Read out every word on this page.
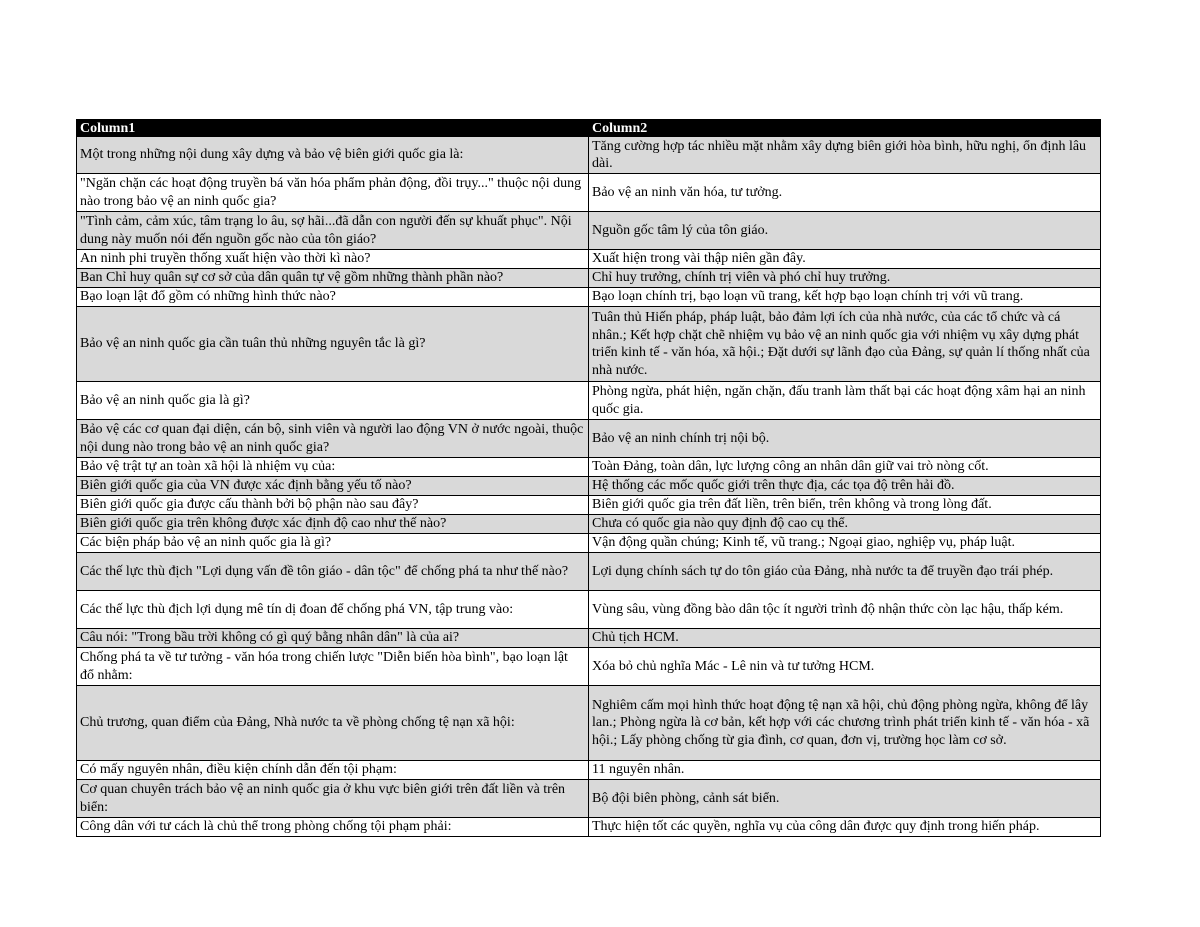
Column1	Column2
Một trong những nội dung xây dựng và bảo vệ biên giới quốc gia là:	Tăng cường hợp tác nhiều mặt nhằm xây dựng biên giới hòa bình, hữu nghị, ổn định lâu dài.
"Ngăn chặn các hoạt động truyền bá văn hóa phẩm phản động, đồi trụy..." thuộc nội dung nào trong bảo vệ an ninh quốc gia?	Bảo vệ an ninh văn hóa, tư tưởng.
"Tình cảm, cảm xúc, tâm trạng lo âu, sợ hãi...đã dẫn con người đến sự khuất phục". Nội dung này muốn nói đến nguồn gốc nào của tôn giáo?	Nguồn gốc tâm lý của tôn giáo.
An ninh phi truyền thống xuất hiện vào thời kì nào?	Xuất hiện trong vài thập niên gần đây.
Ban Chỉ huy quân sự cơ sở của dân quân tự vệ gồm những thành phần nào?	Chỉ huy trưởng, chính trị viên và phó chỉ huy trưởng.
Bạo loạn lật đổ gồm có những hình thức nào?	Bạo loạn chính trị, bạo loạn vũ trang, kết hợp bạo loạn chính trị với vũ trang.
Bảo vệ an ninh quốc gia cần tuân thủ những nguyên tắc là gì?	Tuân thủ Hiến pháp, pháp luật, bảo đảm lợi ích của nhà nước, của các tổ chức và cá nhân.; Kết hợp chặt chẽ nhiệm vụ bảo vệ an ninh quốc gia với nhiệm vụ xây dựng phát triển kinh tế - văn hóa, xã hội.; Đặt dưới sự lãnh đạo của Đảng, sự quản lí thống nhất của nhà nước.
Bảo vệ an ninh quốc gia là gì?	Phòng ngừa, phát hiện, ngăn chặn, đấu tranh làm thất bại các hoạt động xâm hại an ninh quốc gia.
Bảo vệ các cơ quan đại diện, cán bộ, sinh viên và người lao động VN ở nước ngoài, thuộc nội dung nào trong bảo vệ an ninh quốc gia?	Bảo vệ an ninh chính trị nội bộ.
Bảo vệ trật tự an toàn xã hội là nhiệm vụ của:	Toàn Đảng, toàn dân, lực lượng công an nhân dân giữ vai trò nòng cốt.
Biên giới quốc gia của VN được xác định bằng yếu tố nào?	Hệ thống các mốc quốc giới trên thực địa, các tọa độ trên hải đồ.
Biên giới quốc gia được cấu thành bởi bộ phận nào sau đây?	Biên giới quốc gia trên đất liền, trên biển, trên không và trong lòng đất.
Biên giới quốc gia trên không được xác định độ cao như thế nào?	Chưa có quốc gia nào quy định độ cao cụ thể.
Các biện pháp bảo vệ an ninh quốc gia là gì?	Vận động quần chúng; Kinh tế, vũ trang.; Ngoại giao, nghiệp vụ, pháp luật.
Các thế lực thù địch "Lợi dụng vấn đề tôn giáo - dân tộc" để chống phá ta như thế nào?	Lợi dụng chính sách tự do tôn giáo của Đảng, nhà nước ta để truyền đạo trái phép.
Các thế lực thù địch lợi dụng mê tín dị đoan để chống phá VN, tập trung vào:	Vùng sâu, vùng đồng bào dân tộc ít người trình độ nhận thức còn lạc hậu, thấp kém.
Câu nói: "Trong bầu trời không có gì quý bằng nhân dân" là của ai?	Chủ tịch HCM.
Chống phá ta về tư tưởng - văn hóa trong chiến lược "Diễn biến hòa bình", bạo loạn lật đổ nhằm:	Xóa bỏ chủ nghĩa Mác - Lê nin và tư tưởng HCM.
Chủ trương, quan điểm của Đảng, Nhà nước ta về phòng chống tệ nạn xã hội:	Nghiêm cấm mọi hình thức hoạt động tệ nạn xã hội, chủ động phòng ngừa, không để lây lan.; Phòng ngừa là cơ bản, kết hợp với các chương trình phát triển kinh tế - văn hóa - xã hội.; Lấy phòng chống từ gia đình, cơ quan, đơn vị, trường học làm cơ sở.
Có mấy nguyên nhân, điều kiện chính dẫn đến tội phạm:	11 nguyên nhân.
Cơ quan chuyên trách bảo vệ an ninh quốc gia ở khu vực biên giới trên đất liền và trên biển:	Bộ đội biên phòng, cảnh sát biển.
Công dân với tư cách là chủ thể trong phòng chống tội phạm phải:	Thực hiện tốt các quyền, nghĩa vụ của công dân được quy định trong hiến pháp.
